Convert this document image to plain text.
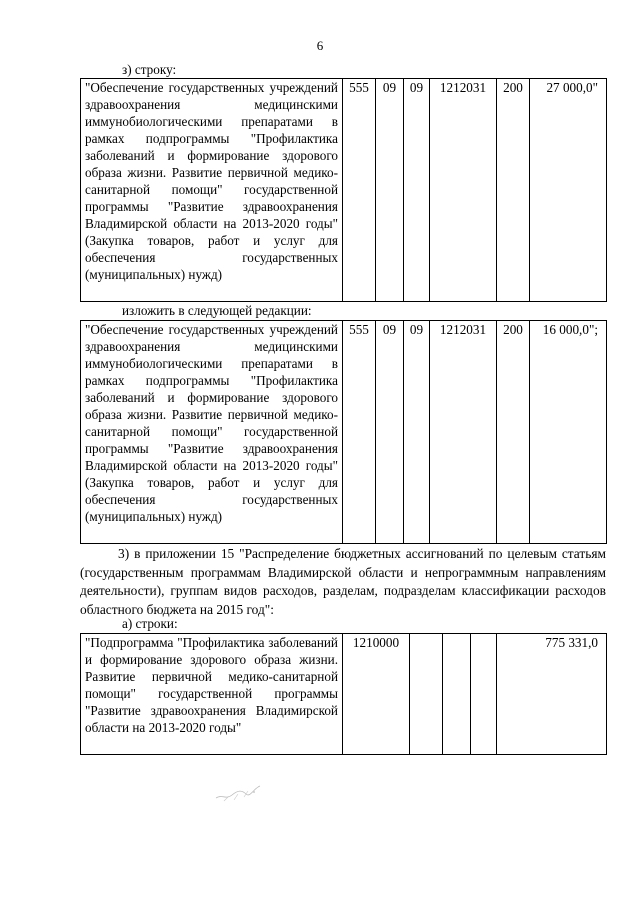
6
з) строку:
"Обеспечение государственных учреждений здравоохранения медицинскими иммунобиологическими препаратами в рамках подпрограммы "Профилактика заболеваний и формирование здорового образа жизни. Развитие первичной медико-санитарной помощи" государственной программы "Развитие здравоохранения Владимирской области на 2013-2020 годы" (Закупка товаров, работ и услуг для обеспечения государственных (муниципальных) нужд)	555	09	09	1212031	200	27 000,0"
изложить в следующей редакции:
"Обеспечение государственных учреждений здравоохранения медицинскими иммунобиологическими препаратами в рамках подпрограммы "Профилактика заболеваний и формирование здорового образа жизни. Развитие первичной медико-санитарной помощи" государственной программы "Развитие здравоохранения Владимирской области на 2013-2020 годы" (Закупка товаров, работ и услуг для обеспечения государственных (муниципальных) нужд)	555	09	09	1212031	200	16 000,0";
3) в приложении 15 "Распределение бюджетных ассигнований по целевым статьям (государственным программам Владимирской области и непрограммным направлениям деятельности), группам видов расходов, разделам, подразделам классификации расходов областного бюджета на 2015 год":
а) строки:
"Подпрограмма "Профилактика заболеваний и формирование здорового образа жизни. Развитие первичной медико-санитарной помощи" государственной программы "Развитие здравоохранения Владимирской области на 2013-2020 годы"	1210000				775 331,0
